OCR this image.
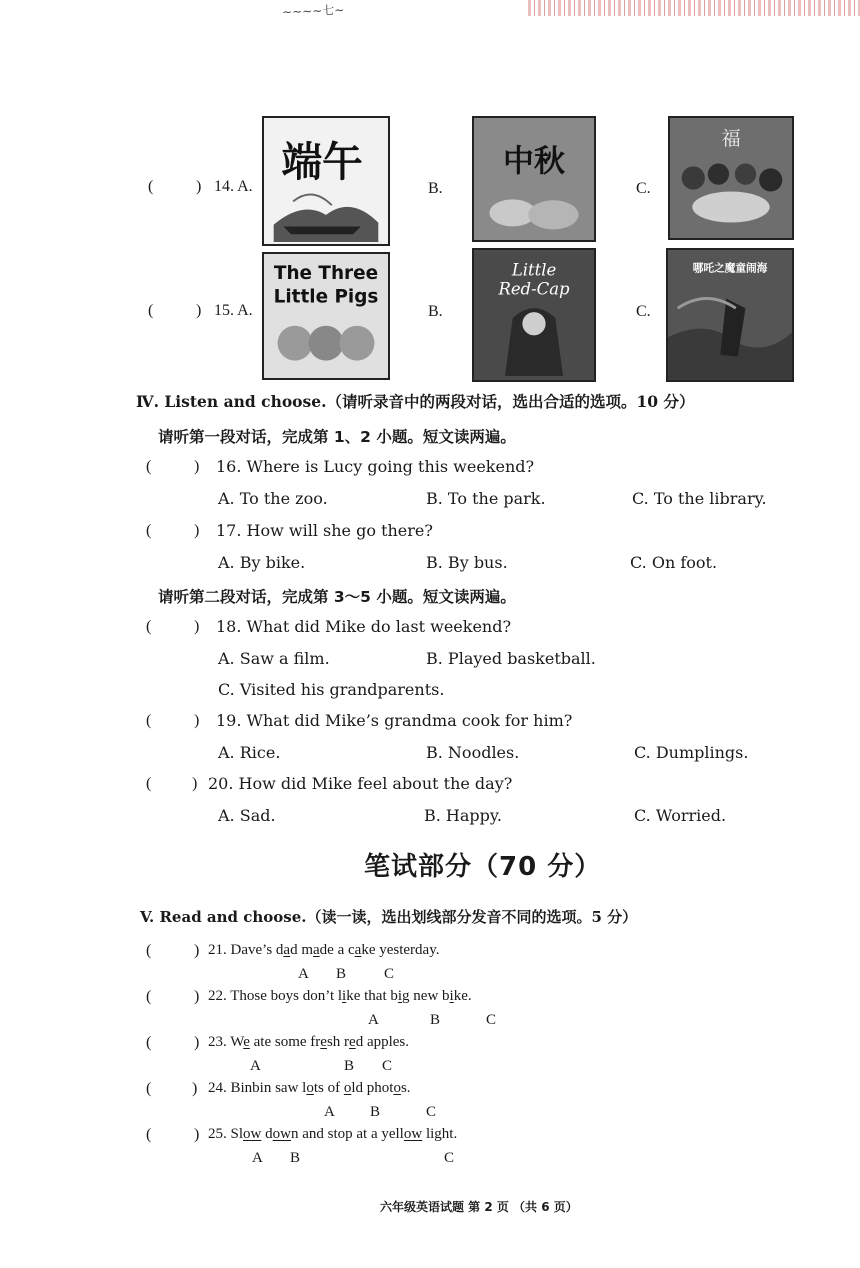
~~~~七~
(	) 14. A.
端午
B.
中秋
C.
福
(	) 15. A.
The Three
Little Pigs
B.
Little
Red-Cap
C.
哪吒之魔童闹海
Ⅳ. Listen and choose.（请听录音中的两段对话，选出合适的选项。10 分）
请听第一段对话，完成第 1、2 小题。短文读两遍。
(	) 16. Where is Lucy going this weekend?
A. To the zoo.	B. To the park.	C. To the library.
(	) 17. How will she go there?
A. By bike.	B. By bus.	C. On foot.
请听第二段对话，完成第 3～5 小题。短文读两遍。
(	) 18. What did Mike do last weekend?
A. Saw a film.	B. Played basketball.
C. Visited his grandparents.
(	) 19. What did Mike’s grandma cook for him?
A. Rice.	B. Noodles.	C. Dumplings.
(	) 20. How did Mike feel about the day?
A. Sad.	B. Happy.	C. Worried.
笔试部分（70 分）
V. Read and choose.（读一读，选出划线部分发音不同的选项。5 分）
(	) 21. Dave’s dad made a cake yesterday.
A B	C
(	) 22. Those boys don’t like that big new bike.
A	B	C
(	) 23. We ate some fresh red apples.
A	B C
(	) 24. Binbin saw lots of old photos.
A B	C
(	) 25. Slow down and stop at a yellow light.
A B	C
六年级英语试题 第 2 页 （共 6 页）
